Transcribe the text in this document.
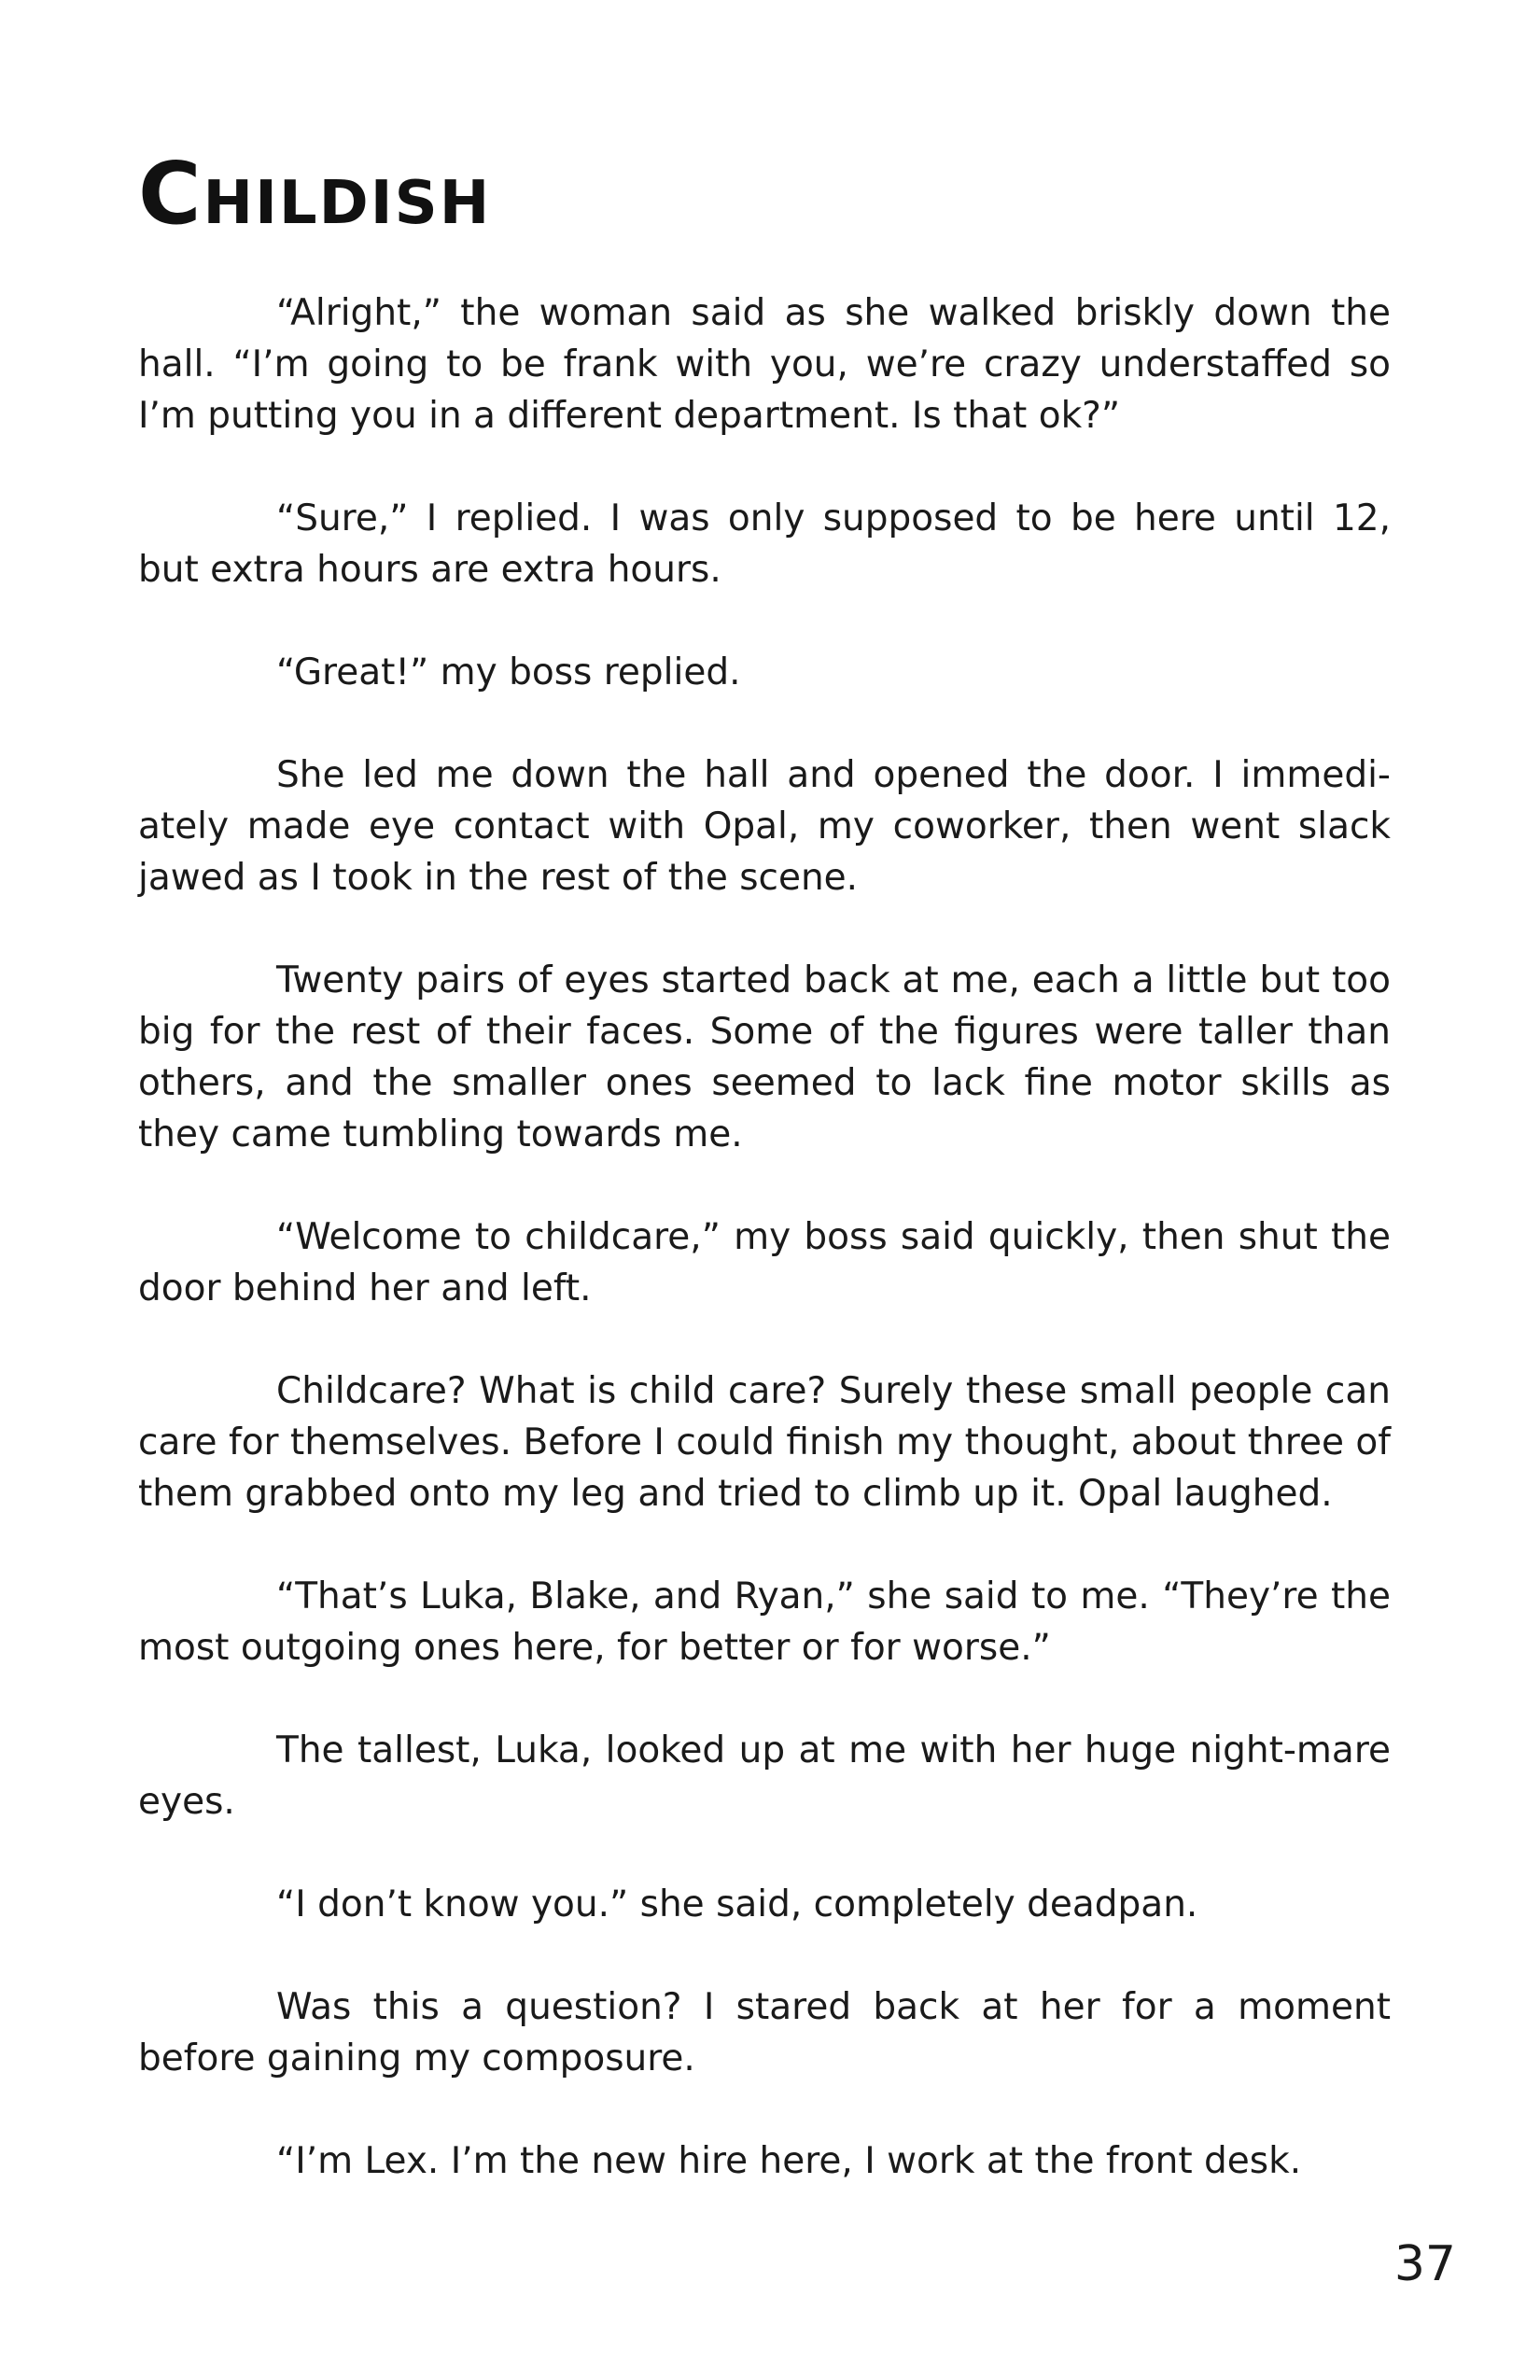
Childish

“Alright,” the woman said as she walked briskly down the hall. “I’m going to be frank with you, we’re crazy understaffed so I’m putting you in a different department. Is that ok?”

“Sure,” I replied. I was only supposed to be here until 12, but extra hours are extra hours.

“Great!” my boss replied.

She led me down the hall and opened the door. I immedi-ately made eye contact with Opal, my coworker, then went slack jawed as I took in the rest of the scene.

Twenty pairs of eyes started back at me, each a little but too big for the rest of their faces. Some of the figures were taller than others, and the smaller ones seemed to lack fine motor skills as they came tumbling towards me.

“Welcome to childcare,” my boss said quickly, then shut the door behind her and left.

Childcare? What is child care? Surely these small people can care for themselves. Before I could finish my thought, about three of them grabbed onto my leg and tried to climb up it. Opal laughed.

“That’s Luka, Blake, and Ryan,” she said to me. “They’re the most outgoing ones here, for better or for worse.”

The tallest, Luka, looked up at me with her huge night-mare eyes.

“I don’t know you.” she said, completely deadpan.

Was this a question? I stared back at her for a moment before gaining my composure.

“I’m Lex. I’m the new hire here, I work at the front desk.

37
